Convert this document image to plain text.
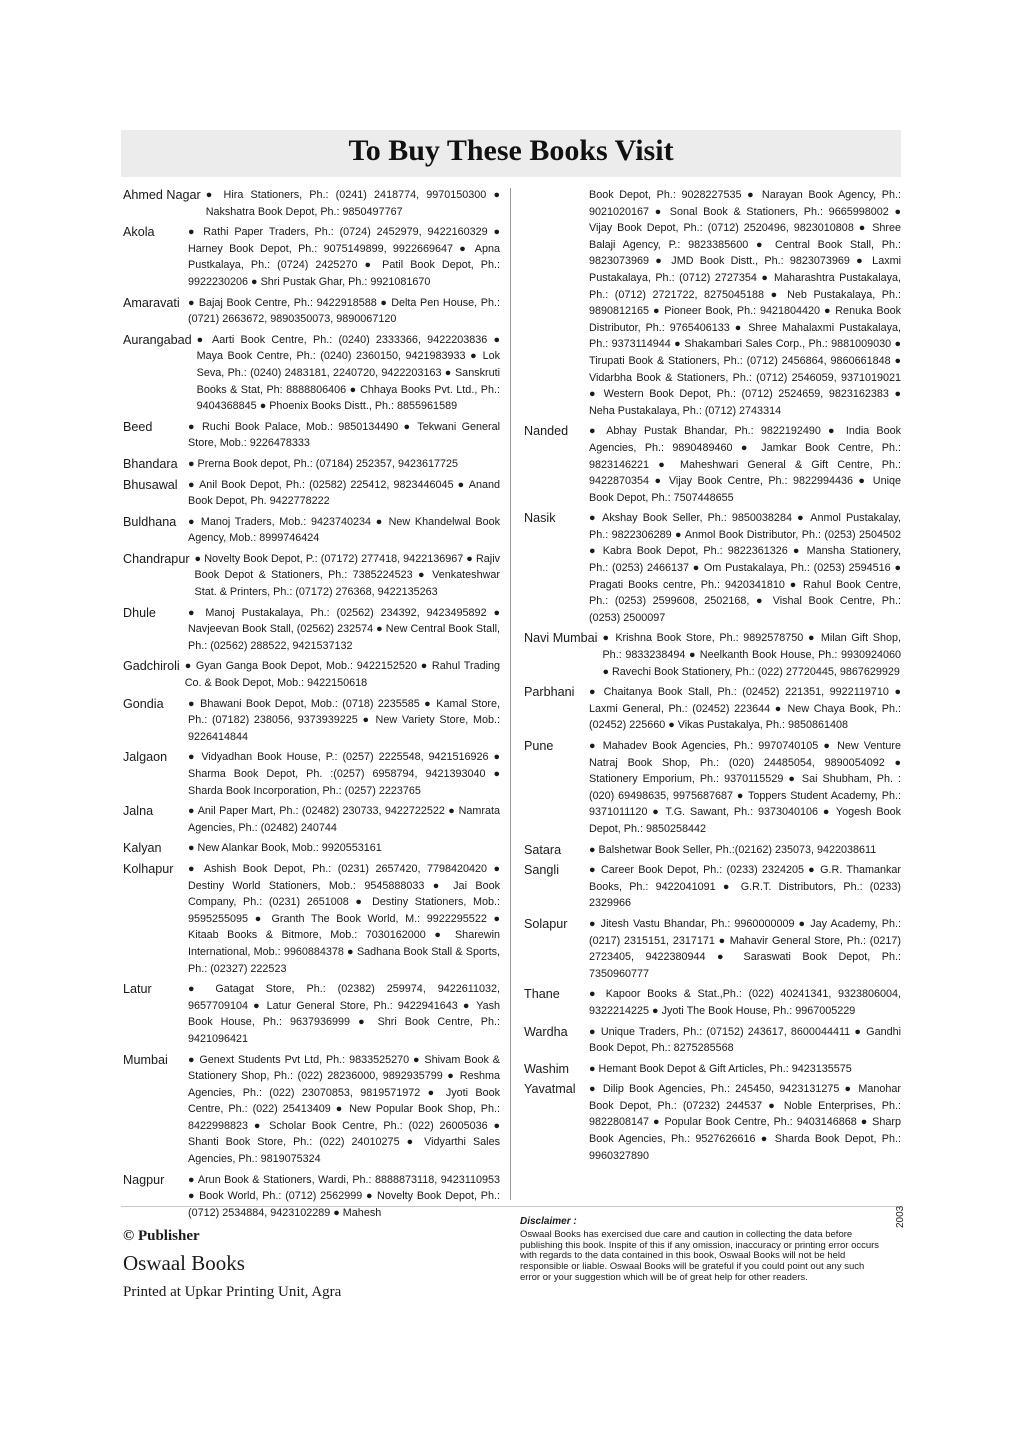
To Buy These Books Visit
Ahmed Nagar ● Hira Stationers, Ph.: (0241) 2418774, 9970150300 ● Nakshatra Book Depot, Ph.: 9850497767
Akola	● Rathi Paper Traders, Ph.: (0724) 2452979, 9422160329 ● Harney Book Depot, Ph.: 9075149899, 9922669647 ● Apna Pustkalaya, Ph.: (0724) 2425270 ● Patil Book Depot, Ph.: 9922230206 ● Shri Pustak Ghar, Ph.: 9921081670
Amaravati ● Bajaj Book Centre, Ph.: 9422918588 ● Delta Pen House, Ph.: (0721) 2663672, 9890350073, 9890067120
Aurangabad ● Aarti Book Centre, Ph.: (0240) 2333366, 9422203836 ● Maya Book Centre, Ph.: (0240) 2360150, 9421983933 ● Lok Seva, Ph.: (0240) 2483181, 2240720, 9422203163 ● Sanskruti Books & Stat, Ph: 8888806406 ● Chhaya Books Pvt. Ltd., Ph.: 9404368845 ● Phoenix Books Distt., Ph.: 8855961589
Beed	● Ruchi Book Palace, Mob.: 9850134490 ● Tekwani General Store, Mob.: 9226478333
Bhandara ● Prerna Book depot, Ph.: (07184) 252357, 9423617725
Bhusawal ● Anil Book Depot, Ph.: (02582) 225412, 9823446045 ● Anand Book Depot, Ph. 9422778222
Buldhana	● Manoj Traders, Mob.: 9423740234 ● New Khandelwal Book Agency, Mob.: 8999746424
Chandrapur ● Novelty Book Depot, P.: (07172) 277418, 9422136967 ● Rajiv Book Depot & Stationers, Ph.: 7385224523 ● Venkateshwar Stat. & Printers, Ph.: (07172) 276368, 9422135263
Dhule	● Manoj Pustakalaya, Ph.: (02562) 234392, 9423495892 ● Navjeevan Book Stall, (02562) 232574 ● New Central Book Stall, Ph.: (02562) 288522, 9421537132
Gadchiroli ● Gyan Ganga Book Depot, Mob.: 9422152520 ● Rahul Trading Co. & Book Depot, Mob.: 9422150618
Gondia	● Bhawani Book Depot, Mob.: (0718) 2235585 ● Kamal Store, Ph.: (07182) 238056, 9373939225 ● New Variety Store, Mob.: 9226414844
Jalgaon	● Vidyadhan Book House, P.: (0257) 2225548, 9421516926 ● Sharma Book Depot, Ph. :(0257) 6958794, 9421393040 ● Sharda Book Incorporation, Ph.: (0257) 2223765
Jalna	● Anil Paper Mart, Ph.: (02482) 230733, 9422722522 ● Namrata Agencies, Ph.: (02482) 240744
Kalyan	● New Alankar Book, Mob.: 9920553161
Kolhapur	● Ashish Book Depot, Ph.: (0231) 2657420, 7798420420 ● Destiny World Stationers, Mob.: 9545888033 ● Jai Book Company, Ph.: (0231) 2651008 ● Destiny Stationers, Mob.: 9595255095 ● Granth The Book World, M.: 9922295522 ● Kitaab Books & Bitmore, Mob.: 7030162000 ● Sharewin International, Mob.: 9960884378 ● Sadhana Book Stall & Sports, Ph.: (02327) 222523
Latur	● Gatagat Store, Ph.: (02382) 259974, 9422611032, 9657709104 ● Latur General Store, Ph.: 9422941643 ● Yash Book House, Ph.: 9637936999 ● Shri Book Centre, Ph.: 9421096421
Mumbai	● Genext Students Pvt Ltd, Ph.: 9833525270 ● Shivam Book & Stationery Shop, Ph.: (022) 28236000, 9892935799 ● Reshma Agencies, Ph.: (022) 23070853, 9819571972 ● Jyoti Book Centre, Ph.: (022) 25413409 ● New Popular Book Shop, Ph.: 8422998823 ● Scholar Book Centre, Ph.: (022) 26005036 ● Shanti Book Store, Ph.: (022) 24010275 ● Vidyarthi Sales Agencies, Ph.: 9819075324
Nagpur	● Arun Book & Stationers, Wardi, Ph.: 8888873118, 9423110953 ● Book World, Ph.: (0712) 2562999 ● Novelty Book Depot, Ph.: (0712) 2534884, 9423102289 ● Mahesh
Book Depot, Ph.: 9028227535 ● Narayan Book Agency, Ph.: 9021020167 ● Sonal Book & Stationers, Ph.: 9665998002 ● Vijay Book Depot, Ph.: (0712) 2520496, 9823010808 ● Shree Balaji Agency, P.: 9823385600 ● Central Book Stall, Ph.: 9823073969 ● JMD Book Distt., Ph.: 9823073969 ● Laxmi Pustakalaya, Ph.: (0712) 2727354 ● Maharashtra Pustakalaya, Ph.: (0712) 2721722, 8275045188 ● Neb Pustakalaya, Ph.: 9890812165 ● Pioneer Book, Ph.: 9421804420 ● Renuka Book Distributor, Ph.: 9765406133 ● Shree Mahalaxmi Pustakalaya, Ph.: 9373114944 ● Shakambari Sales Corp., Ph.: 9881009030 ● Tirupati Book & Stationers, Ph.: (0712) 2456864, 9860661848 ● Vidarbha Book & Stationers, Ph.: (0712) 2546059, 9371019021 ● Western Book Depot, Ph.: (0712) 2524659, 9823162383 ● Neha Pustakalaya, Ph.: (0712) 2743314
Nanded	● Abhay Pustak Bhandar, Ph.: 9822192490 ● India Book Agencies, Ph.: 9890489460 ● Jamkar Book Centre, Ph.: 9823146221 ● Maheshwari General & Gift Centre, Ph.: 9422870354 ● Vijay Book Centre, Ph.: 9822994436 ● Uniqe Book Depot, Ph.: 7507448655
Nasik	● Akshay Book Seller, Ph.: 9850038284 ● Anmol Pustakalay, Ph.: 9822306289 ● Anmol Book Distributor, Ph.: (0253) 2504502 ● Kabra Book Depot, Ph.: 9822361326 ● Mansha Stationery, Ph.: (0253) 2466137 ● Om Pustakalaya, Ph.: (0253) 2594516 ● Pragati Books centre, Ph.: 9420341810 ● Rahul Book Centre, Ph.: (0253) 2599608, 2502168, ● Vishal Book Centre, Ph.: (0253) 2500097
Navi Mumbai ● Krishna Book Store, Ph.: 9892578750 ● Milan Gift Shop, Ph.: 9833238494 ● Neelkanth Book House, Ph.: 9930924060 ● Ravechi Book Stationery, Ph.: (022) 27720445, 9867629929
Parbhani	● Chaitanya Book Stall, Ph.: (02452) 221351, 9922119710 ● Laxmi General, Ph.: (02452) 223644 ● New Chaya Book, Ph.:(02452) 225660 ● Vikas Pustakalya, Ph.: 9850861408
Pune	● Mahadev Book Agencies, Ph.: 9970740105 ● New Venture Natraj Book Shop, Ph.: (020) 24485054, 9890054092 ● Stationery Emporium, Ph.: 9370115529 ● Sai Shubham, Ph. : (020) 69498635, 9975687687 ● Toppers Student Academy, Ph.: 9371011120 ● T.G. Sawant, Ph.: 9373040106 ● Yogesh Book Depot, Ph.: 9850258442
Satara	● Balshetwar Book Seller, Ph.:(02162) 235073, 9422038611
Sangli	● Career Book Depot, Ph.: (0233) 2324205 ● G.R. Thamankar Books, Ph.: 9422041091 ● G.R.T. Distributors, Ph.: (0233) 2329966
Solapur	● Jitesh Vastu Bhandar, Ph.: 9960000009 ● Jay Academy, Ph.: (0217) 2315151, 2317171 ● Mahavir General Store, Ph.: (0217) 2723405, 9422380944 ● Saraswati Book Depot, Ph.: 7350960777
Thane	● Kapoor Books & Stat.,Ph.: (022) 40241341, 9323806004, 9322214225 ● Jyoti The Book House, Ph.: 9967005229
Wardha	● Unique Traders, Ph.: (07152) 243617, 8600044411 ● Gandhi Book Depot, Ph.: 8275285568
Washim	● Hemant Book Depot & Gift Articles, Ph.: 9423135575
Yavatmal	● Dilip Book Agencies, Ph.: 245450, 9423131275 ● Manohar Book Depot, Ph.: (07232) 244537 ● Noble Enterprises, Ph.: 9822808147 ● Popular Book Centre, Ph.: 9403146868 ● Sharp Book Agencies, Ph.: 9527626616 ● Sharda Book Depot, Ph.: 9960327890
© Publisher
Oswaal Books
Printed at Upkar Printing Unit, Agra
Disclaimer :
Oswaal Books has exercised due care and caution in collecting the data before publishing this book. Inspite of this if any omission, inaccuracy or printing error occurs with regards to the data contained in this book, Oswaal Books will not be held responsible or liable. Oswaal Books will be grateful if you could point out any such error or your suggestion which will be of great help for other readers.
2003
